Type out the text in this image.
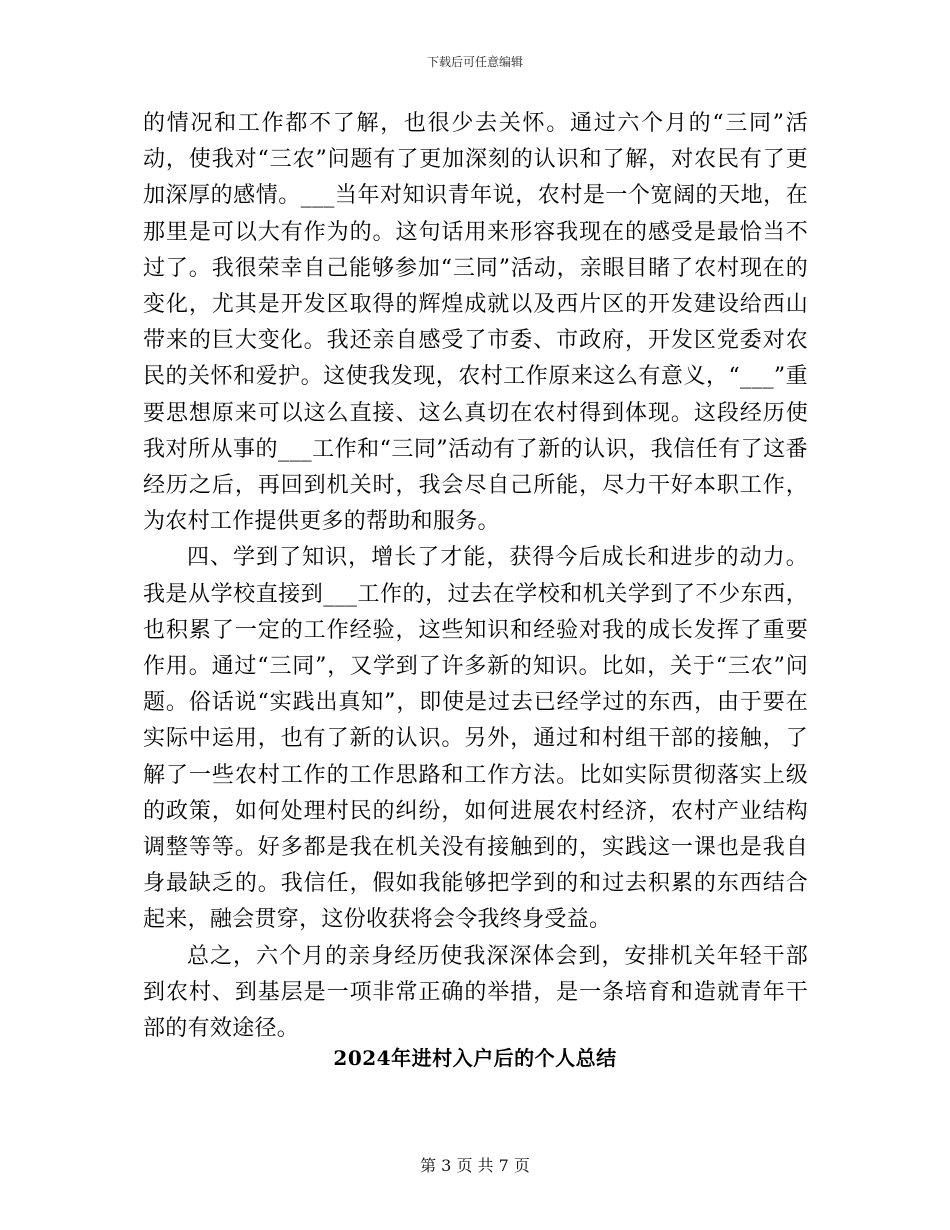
下载后可任意编辑

的情况和工作都不了解，也很少去关怀。通过六个月的“三同”活动，使我对“三农”问题有了更加深刻的认识和了解，对农民有了更加深厚的感情。___当年对知识青年说，农村是一个宽阔的天地，在那里是可以大有作为的。这句话用来形容我现在的感受是最恰当不过了。我很荣幸自己能够参加“三同”活动，亲眼目睹了农村现在的变化，尤其是开发区取得的辉煌成就以及西片区的开发建设给西山带来的巨大变化。我还亲自感受了市委、市政府，开发区党委对农民的关怀和爱护。这使我发现，农村工作原来这么有意义，“___”重要思想原来可以这么直接、这么真切在农村得到体现。这段经历使我对所从事的___工作和“三同”活动有了新的认识，我信任有了这番经历之后，再回到机关时，我会尽自己所能，尽力干好本职工作，为农村工作提供更多的帮助和服务。

四、学到了知识，增长了才能，获得今后成长和进步的动力。我是从学校直接到___工作的，过去在学校和机关学到了不少东西，也积累了一定的工作经验，这些知识和经验对我的成长发挥了重要作用。通过“三同”，又学到了许多新的知识。比如，关于“三农”问题。俗话说“实践出真知”，即使是过去已经学过的东西，由于要在实际中运用，也有了新的认识。另外，通过和村组干部的接触，了解了一些农村工作的工作思路和工作方法。比如实际贯彻落实上级的政策，如何处理村民的纠纷，如何进展农村经济，农村产业结构调整等等。好多都是我在机关没有接触到的，实践这一课也是我自身最缺乏的。我信任，假如我能够把学到的和过去积累的东西结合起来，融会贯穿，这份收获将会令我终身受益。

总之，六个月的亲身经历使我深深体会到，安排机关年轻干部到农村、到基层是一项非常正确的举措，是一条培育和造就青年干部的有效途径。

2024年进村入户后的个人总结
第 3 页 共 7 页
